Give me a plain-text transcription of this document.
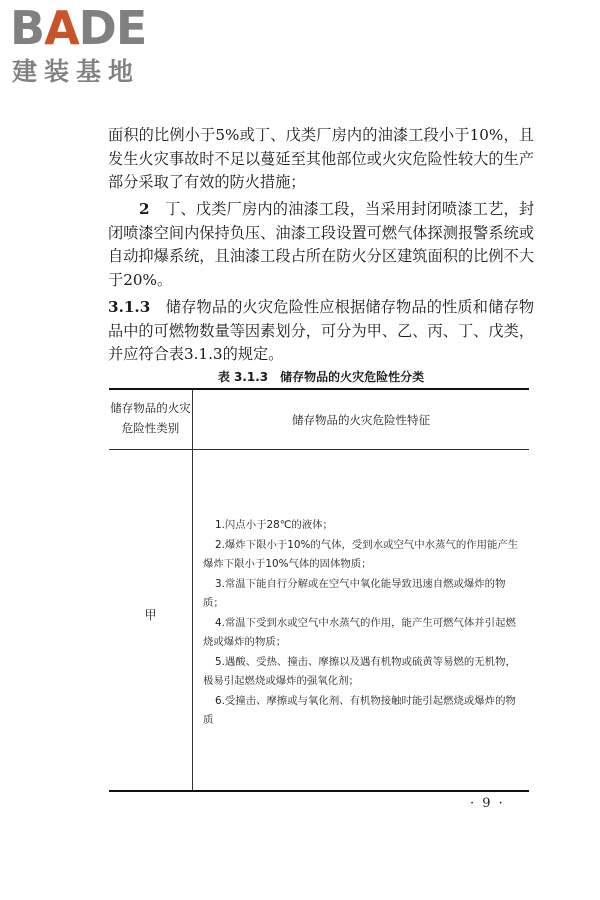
BADE
建装基地
面积的比例小于5%或丁、戊类厂房内的油漆工段小于10%，且发生火灾事故时不足以蔓延至其他部位或火灾危险性较大的生产部分采取了有效的防火措施；
2　 丁、戊类厂房内的油漆工段，当采用封闭喷漆工艺，封闭喷漆空间内保持负压、油漆工段设置可燃气体探测报警系统或自动抑爆系统，且油漆工段占所在防火分区建筑面积的比例不大于20%。
3.1.3　 储存物品的火灾危险性应根据储存物品的性质和储存物品中的可燃物数量等因素划分，可分为甲、乙、丙、丁、戊类，并应符合表3.1.3的规定。
表 3.1.3　储存物品的火灾危险性分类
储存物品的火灾危险性类别
储存物品的火灾危险性特征
甲
1.闪点小于28℃的液体；
2.爆炸下限小于10%的气体，受到水或空气中水蒸气的作用能产生爆炸下限小于10%气体的固体物质；
3.常温下能自行分解或在空气中氧化能导致迅速自燃或爆炸的物质；
4.常温下受到水或空气中水蒸气的作用，能产生可燃气体并引起燃烧或爆炸的物质；
5.遇酸、受热、撞击、摩擦以及遇有机物或硫黄等易燃的无机物，极易引起燃烧或爆炸的强氧化剂；
6.受撞击、摩擦或与氧化剂、有机物接触时能引起燃烧或爆炸的物质
· 9 ·
